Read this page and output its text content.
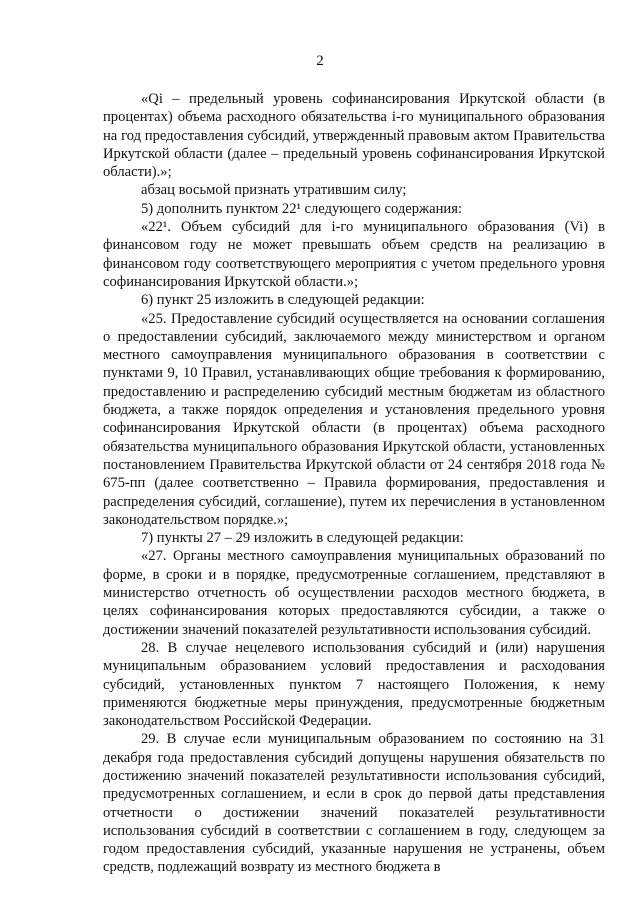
2

«Qi – предельный уровень софинансирования Иркутской области (в процентах) объема расходного обязательства i-го муниципального образования на год предоставления субсидий, утвержденный правовым актом Правительства Иркутской области (далее – предельный уровень софинансирования Иркутской области).»;

абзац восьмой признать утратившим силу;

5) дополнить пунктом 22¹ следующего содержания:

«22¹. Объем субсидий для i-го муниципального образования (Vi) в финансовом году не может превышать объем средств на реализацию в финансовом году соответствующего мероприятия с учетом предельного уровня софинансирования Иркутской области.»;

6) пункт 25 изложить в следующей редакции:

«25. Предоставление субсидий осуществляется на основании соглашения о предоставлении субсидий, заключаемого между министерством и органом местного самоуправления муниципального образования в соответствии с пунктами 9, 10 Правил, устанавливающих общие требования к формированию, предоставлению и распределению субсидий местным бюджетам из областного бюджета, а также порядок определения и установления предельного уровня софинансирования Иркутской области (в процентах) объема расходного обязательства муниципального образования Иркутской области, установленных постановлением Правительства Иркутской области от 24 сентября 2018 года № 675-пп (далее соответственно – Правила формирования, предоставления и распределения субсидий, соглашение), путем их перечисления в установленном законодательством порядке.»;

7) пункты 27 – 29 изложить в следующей редакции:

«27. Органы местного самоуправления муниципальных образований по форме, в сроки и в порядке, предусмотренные соглашением, представляют в министерство отчетность об осуществлении расходов местного бюджета, в целях софинансирования которых предоставляются субсидии, а также о достижении значений показателей результативности использования субсидий.

28. В случае нецелевого использования субсидий и (или) нарушения муниципальным образованием условий предоставления и расходования субсидий, установленных пунктом 7 настоящего Положения, к нему применяются бюджетные меры принуждения, предусмотренные бюджетным законодательством Российской Федерации.

29. В случае если муниципальным образованием по состоянию на 31 декабря года предоставления субсидий допущены нарушения обязательств по достижению значений показателей результативности использования субсидий, предусмотренных соглашением, и если в срок до первой даты представления отчетности о достижении значений показателей результативности использования субсидий в соответствии с соглашением в году, следующем за годом предоставления субсидий, указанные нарушения не устранены, объем средств, подлежащий возврату из местного бюджета в
